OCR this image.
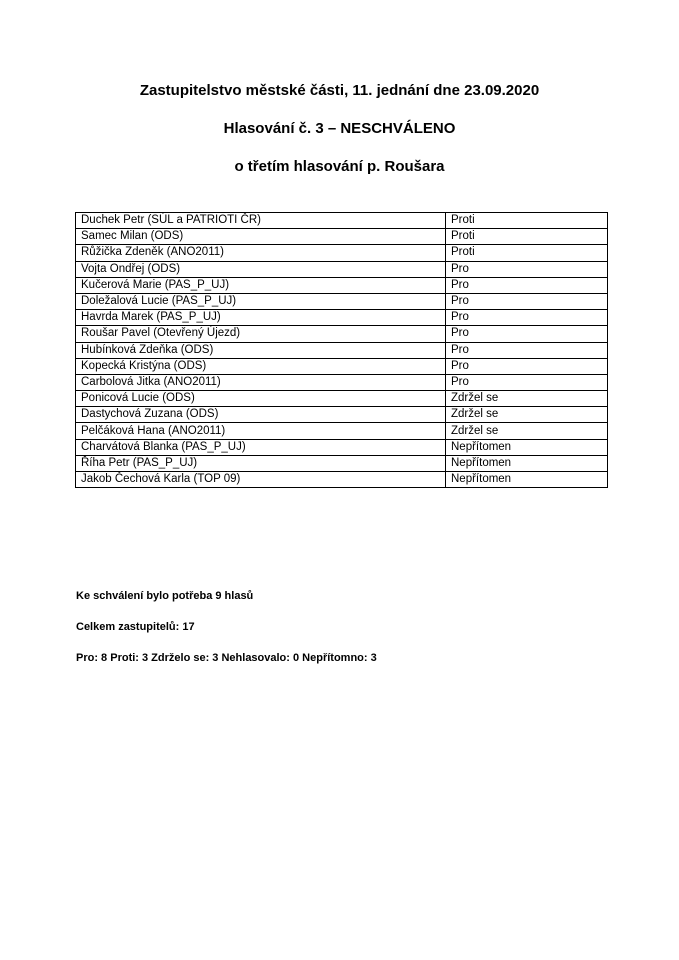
Zastupitelstvo městské části, 11. jednání dne 23.09.2020
Hlasování č. 3 – NESCHVÁLENO
o třetím hlasování p. Roušara
Duchek Petr (SÚL a PATRIOTI ČR)	Proti
Samec Milan (ODS)	Proti
Růžička Zdeněk (ANO2011)	Proti
Vojta Ondřej (ODS)	Pro
Kučerová Marie (PAS_P_UJ)	Pro
Doležalová Lucie (PAS_P_UJ)	Pro
Havrda Marek (PAS_P_UJ)	Pro
Roušar Pavel (Otevřený Újezd)	Pro
Hubínková Zdeňka (ODS)	Pro
Kopecká Kristýna (ODS)	Pro
Carbolová Jitka (ANO2011)	Pro
Ponicová Lucie (ODS)	Zdržel se
Dastychová Zuzana (ODS)	Zdržel se
Pelčáková Hana (ANO2011)	Zdržel se
Charvátová Blanka (PAS_P_UJ)	Nepřítomen
Říha Petr (PAS_P_UJ)	Nepřítomen
Jakob Čechová Karla (TOP 09)	Nepřítomen
Ke schválení bylo potřeba 9 hlasů
Celkem zastupitelů: 17
Pro: 8 Proti: 3 Zdrželo se: 3 Nehlasovalo: 0 Nepřítomno: 3
